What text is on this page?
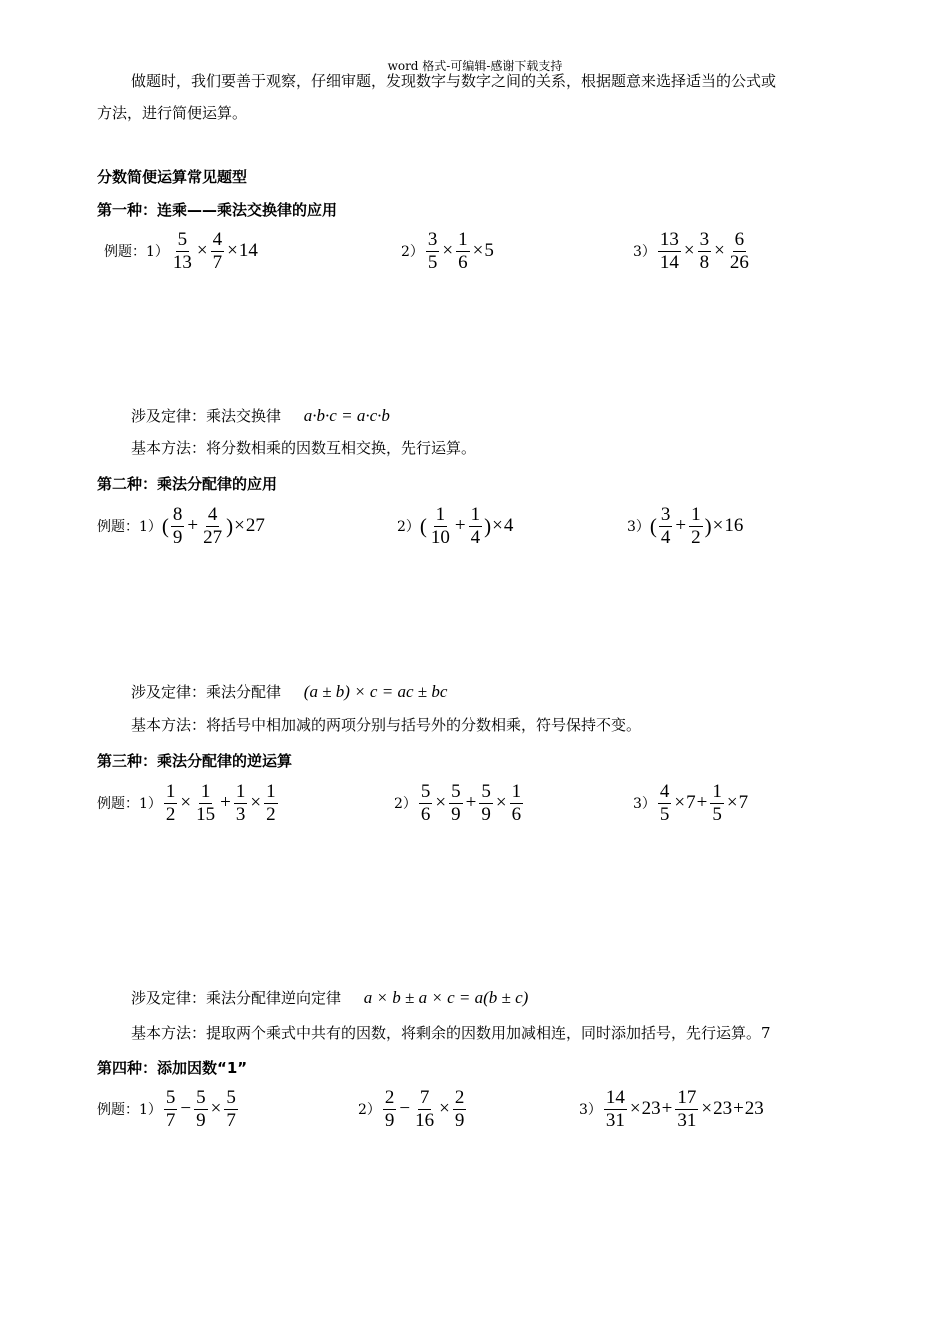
word 格式-可编辑-感谢下载支持
做题时，我们要善于观察，仔细审题，发现数字与数字之间的关系，根据题意来选择适当的公式或
方法，进行简便运算。
分数简便运算常见题型
第一种：连乘——乘法交换律的应用
例题：$1) \frac{5}{13} \times \frac{4}{7} \times 14$	$2) \frac{3}{5} \times \frac{1}{6} \times 5$	$3) \frac{13}{14} \times \frac{3}{8} \times \frac{6}{26}$
涉及定律：乘法交换律 a·b·c = a·c·b
基本方法：将分数相乘的因数互相交换，先行运算。
第二种：乘法分配律的应用
例题：1） ( $\frac{8}{9} + \frac{4}{27}$ ) × 27	2） ( $\frac{1}{10} + \frac{1}{4}$ ) × 4	3） ( $\frac{3}{4} + \frac{1}{2}$ ) × 16
涉及定律：乘法分配律 (a ± b) × c = ac ± bc
基本方法：将括号中相加减的两项分别与括号外的分数相乘，符号保持不变。
第三种：乘法分配律的逆运算
例题：$1) \frac{1}{2} \times \frac{1}{15} + \frac{1}{3} \times \frac{1}{2}$	$2) \frac{5}{6} \times \frac{5}{9} + \frac{5}{9} \times \frac{1}{6}$	$3) \frac{4}{5} \times 7 + \frac{1}{5} \times 7$
涉及定律：乘法分配律逆向定律 a × b ± a × c = a(b ± c)
基本方法：提取两个乘式中共有的因数，将剩余的因数用加减相连，同时添加括号，先行运算。7
第四种：添加因数“1”
例题：$1) \frac{5}{7} - \frac{5}{9} \times \frac{5}{7}$	$2) \frac{2}{9} - \frac{7}{16} \times \frac{2}{9}$	$3) \frac{14}{31} \times 23 + \frac{17}{31} \times 23 + 23$
